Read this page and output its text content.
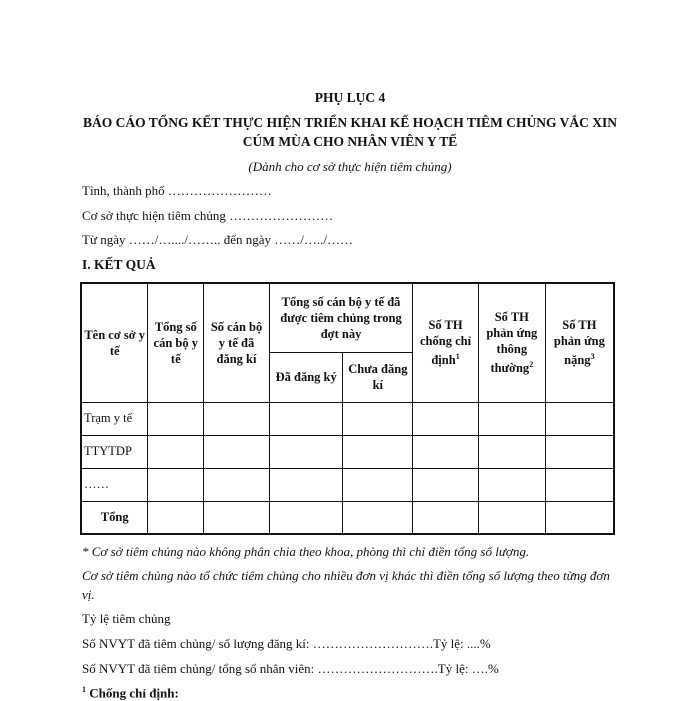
PHỤ LỤC 4
BÁO CÁO TỔNG KẾT THỰC HIỆN TRIỂN KHAI KẾ HOẠCH TIÊM CHỦNG VẮC XIN
CÚM MÙA CHO NHÂN VIÊN Y TẾ
(Dành cho cơ sở thực hiện tiêm chủng)
Tỉnh, thành phố ……………………
Cơ sở thực hiện tiêm chủng ……………………
Từ ngày ……/…..../…….. đến ngày ……/…../……
I. KẾT QUẢ
Tên cơ sở y tế	Tổng số cán bộ y tế	Số cán bộ y tế đã đăng kí	Tổng số cán bộ y tế đã được tiêm chủng trong đợt này		Số TH chống chỉ định$^1$	Số TH phản ứng thông thường$^2$	Số TH phản ứng nặng$^3$
			Đã đăng ký	Chưa đăng kí			
Trạm y tế							
TTYTDP							
……							
Tổng							
* Cơ sở tiêm chủng nào không phân chia theo khoa, phòng thì chỉ điền tổng số lượng.
Cơ sở tiêm chủng nào tổ chức tiêm chủng cho nhiều đơn vị khác thì điền tổng số lượng theo từng đơn vị.
Tỷ lệ tiêm chủng
Số NVYT đã tiêm chủng/ số lượng đăng kí: ……………………….Tỷ lệ: ....%
Số NVYT đã tiêm chủng/ tổng số nhân viên: ……………………….Tỷ lệ: ….%
$^1$ Chống chỉ định:
